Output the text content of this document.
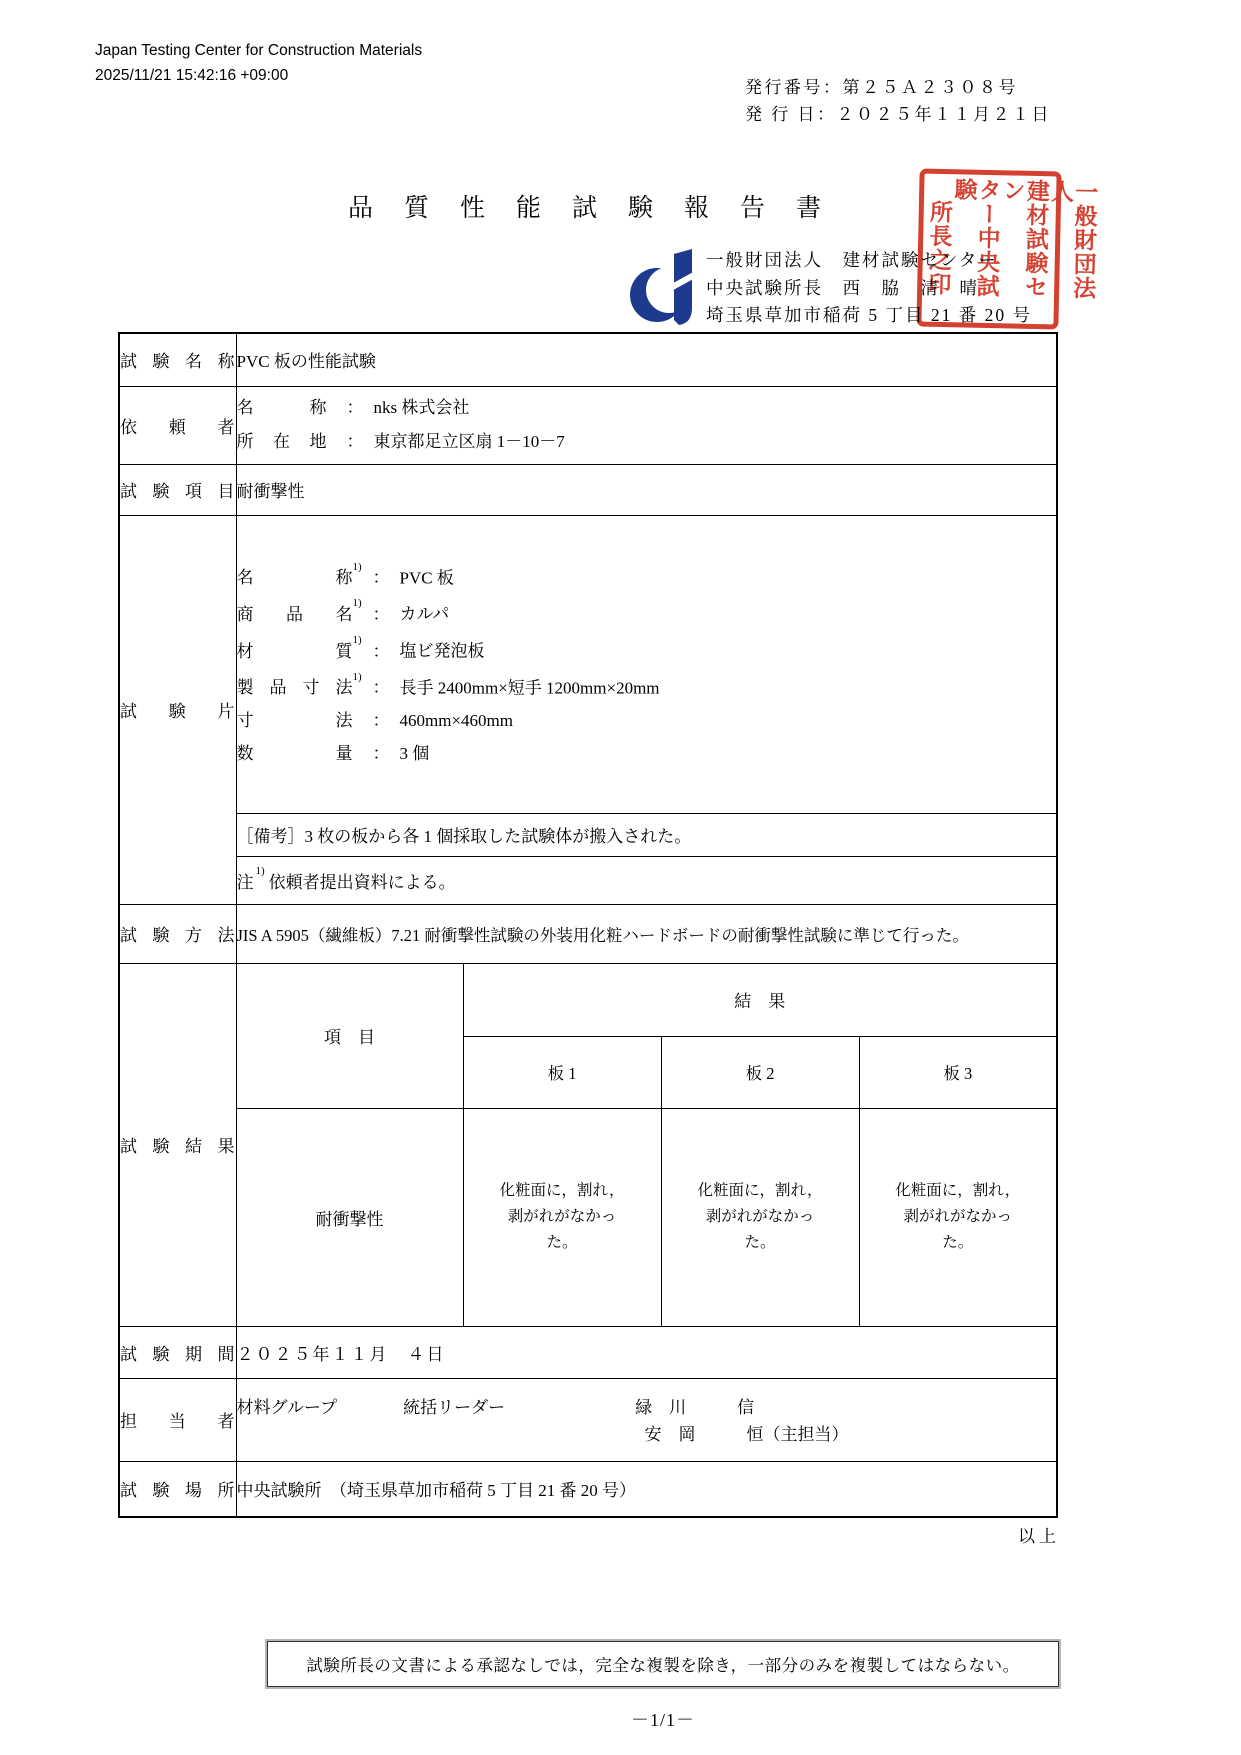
Japan Testing Center for Construction Materials
2025/11/21 15:42:16 +09:00
発行番号：第２５Ａ２３０８号
発 行 日：２０２５年１１月２１日
品質性能試験報告書	一般財団法人
建材試験セン
ター中央試験
所長之印
一般財団法人　建材試験センター
中央試験所長　西　脇　清　晴
埼玉県草加市稲荷 5 丁目 21 番 20 号
試験名称	PVC 板の性能試験			
依頼者	名称 ： nks 株式会社
所在地 ： 東京都足立区扇 1－10－7			

試験項目	耐衝撃性			
試験片	
名称$^{1)}$： PVC 板
商品名$^{1)}$： カルパ
材質$^{1)}$： 塩ビ発泡板
製品寸法$^{1)}$： 長手 2400mm×短手 1200mm×20mm
寸法 ： 460mm×460mm
数量 ： 3 個

	［備考］3 枚の板から各 1 個採取した試験体が搬入された。			
	注$^{1)}$依頼者提出資料による。			
試験方法	JIS A 5905（繊維板）7.21 耐衝撃性試験の外装用化粧ハードボードの耐衝撃性試験に準じて行った。			
試験結果	項　目	結　果		
		板 1	板 2	板 3
	耐衝撃性	化粧面に，割れ，剥がれがなかった。	化粧面に，割れ，剥がれがなかった。	化粧面に，割れ，剥がれがなかった。
試験期間	２０２５年１１月　４日			
担当者	材料グループ 統括リーダー 緑　川　　　信
安　岡　　　恒（主担当）			

試験場所	中央試験所　（埼玉県草加市稲荷 5 丁目 21 番 20 号）			
以上
試験所長の文書による承認なしでは，完全な複製を除き，一部分のみを複製してはならない。
－1/1－
